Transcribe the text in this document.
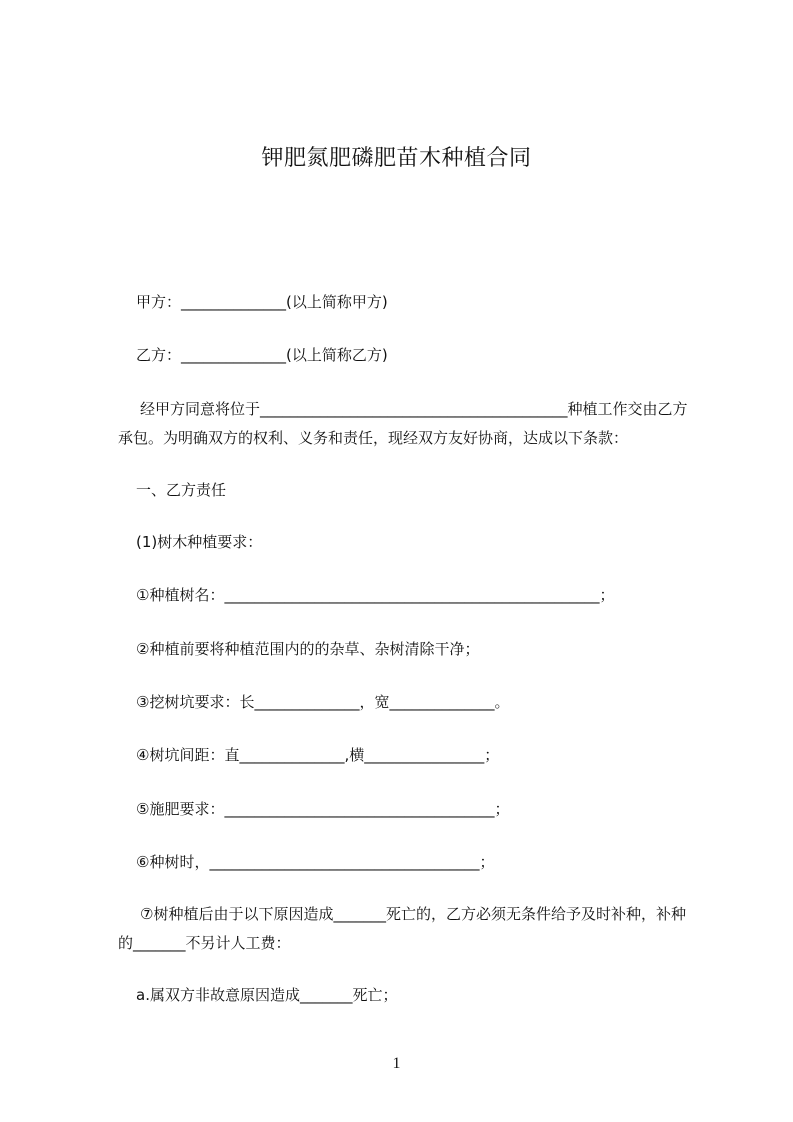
钾肥氮肥磷肥苗木种植合同
甲方：______________(以上简称甲方)
乙方：______________(以上简称乙方)
经甲方同意将位于_________________________________________种植工作交由乙方承包。为明确双方的权利、义务和责任，现经双方友好协商，达成以下条款：
一、乙方责任
(1)树木种植要求：
①种植树名：__________________________________________________；
②种植前要将种植范围内的的杂草、杂树清除干净；
③挖树坑要求：长______________，宽______________。
④树坑间距：直______________,横________________；
⑤施肥要求：____________________________________；
⑥种树时，____________________________________；
⑦树种植后由于以下原因造成_______死亡的，乙方必须无条件给予及时补种，补种的_______不另计人工费：
a.属双方非故意原因造成_______死亡；
1
